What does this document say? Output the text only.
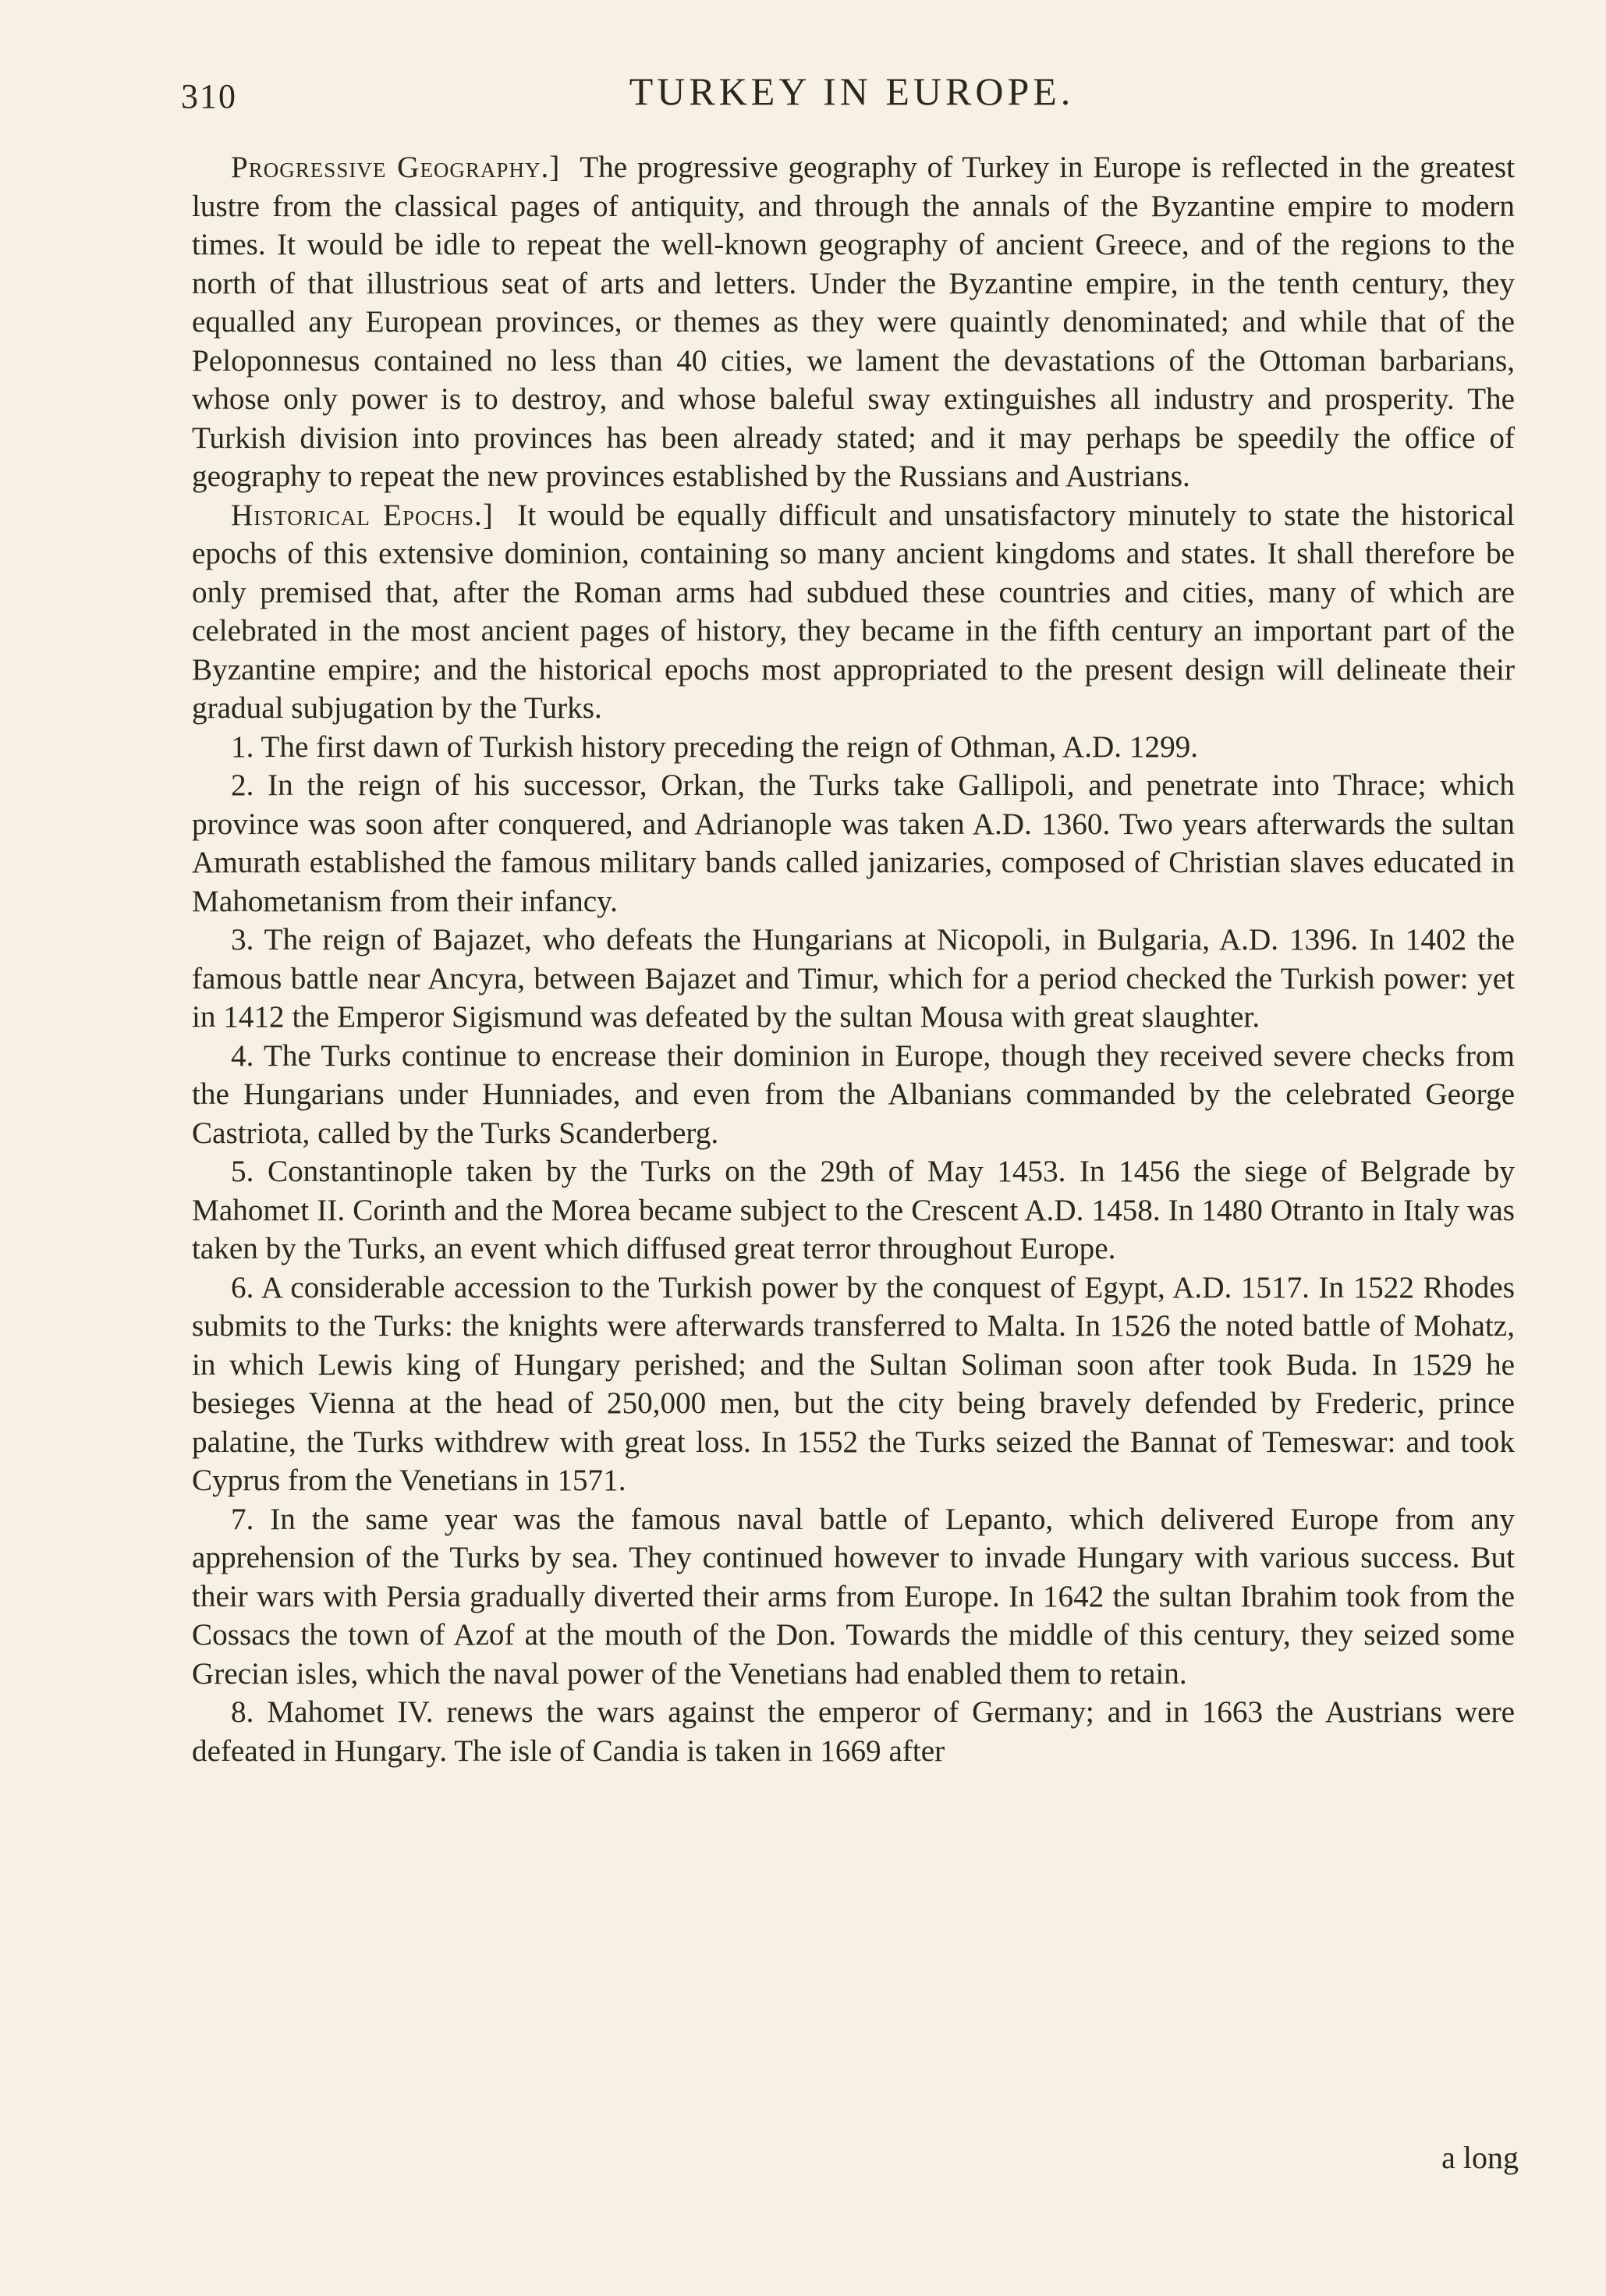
310	TURKEY IN EUROPE.

Progressive Geography.] The progressive geography of Turkey in Europe is reflected in the greatest lustre from the classical pages of antiquity, and through the annals of the Byzantine empire to modern times. It would be idle to repeat the well-known geography of ancient Greece, and of the regions to the north of that illustrious seat of arts and letters. Under the Byzantine empire, in the tenth century, they equalled any European provinces, or themes as they were quaintly denominated; and while that of the Peloponnesus contained no less than 40 cities, we lament the devastations of the Ottoman barbarians, whose only power is to destroy, and whose baleful sway extinguishes all industry and prosperity. The Turkish division into provinces has been already stated; and it may perhaps be speedily the office of geography to repeat the new provinces established by the Russians and Austrians.

Historical Epochs.] It would be equally difficult and unsatisfactory minutely to state the historical epochs of this extensive dominion, containing so many ancient kingdoms and states. It shall therefore be only premised that, after the Roman arms had subdued these countries and cities, many of which are celebrated in the most ancient pages of history, they became in the fifth century an important part of the Byzantine empire; and the historical epochs most appropriated to the present design will delineate their gradual subjugation by the Turks.

1. The first dawn of Turkish history preceding the reign of Othman, A.D. 1299.

2. In the reign of his successor, Orkan, the Turks take Gallipoli, and penetrate into Thrace; which province was soon after conquered, and Adrianople was taken A.D. 1360. Two years afterwards the sultan Amurath established the famous military bands called janizaries, composed of Christian slaves educated in Mahometanism from their infancy.

3. The reign of Bajazet, who defeats the Hungarians at Nicopoli, in Bulgaria, A.D. 1396. In 1402 the famous battle near Ancyra, between Bajazet and Timur, which for a period checked the Turkish power: yet in 1412 the Emperor Sigismund was defeated by the sultan Mousa with great slaughter.

4. The Turks continue to encrease their dominion in Europe, though they received severe checks from the Hungarians under Hunniades, and even from the Albanians commanded by the celebrated George Castriota, called by the Turks Scanderberg.

5. Constantinople taken by the Turks on the 29th of May 1453. In 1456 the siege of Belgrade by Mahomet II. Corinth and the Morea became subject to the Crescent A.D. 1458. In 1480 Otranto in Italy was taken by the Turks, an event which diffused great terror throughout Europe.

6. A considerable accession to the Turkish power by the conquest of Egypt, A.D. 1517. In 1522 Rhodes submits to the Turks: the knights were afterwards transferred to Malta. In 1526 the noted battle of Mohatz, in which Lewis king of Hungary perished; and the Sultan Soliman soon after took Buda. In 1529 he besieges Vienna at the head of 250,000 men, but the city being bravely defended by Frederic, prince palatine, the Turks withdrew with great loss. In 1552 the Turks seized the Bannat of Temeswar: and took Cyprus from the Venetians in 1571.

7. In the same year was the famous naval battle of Lepanto, which delivered Europe from any apprehension of the Turks by sea. They continued however to invade Hungary with various success. But their wars with Persia gradually diverted their arms from Europe. In 1642 the sultan Ibrahim took from the Cossacs the town of Azof at the mouth of the Don. Towards the middle of this century, they seized some Grecian isles, which the naval power of the Venetians had enabled them to retain.

8. Mahomet IV. renews the wars against the emperor of Germany; and in 1663 the Austrians were defeated in Hungary. The isle of Candia is taken in 1669 after

a long
